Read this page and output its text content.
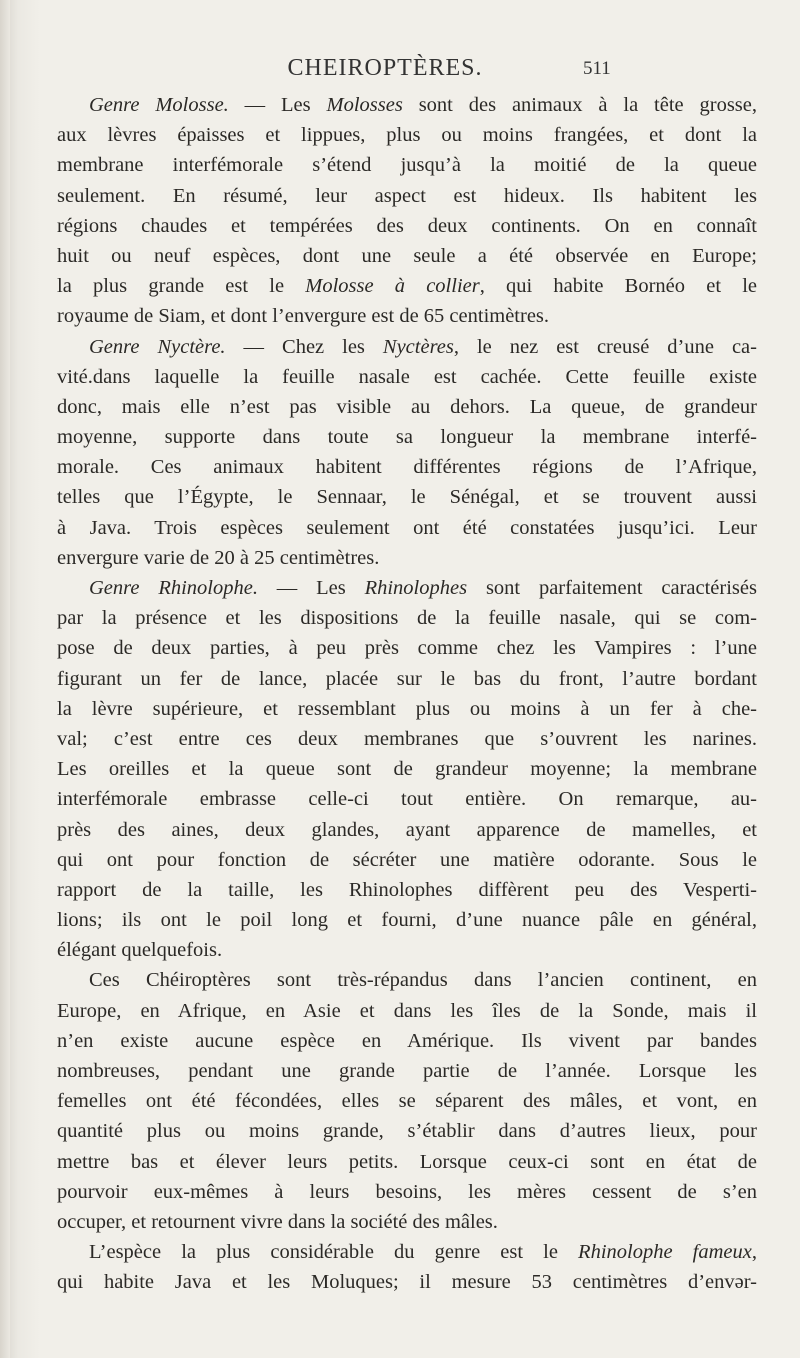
CHEIROPTÈRES.	511
Genre Molosse. — Les Molosses sont des animaux à la tête grosse,
aux lèvres épaisses et lippues, plus ou moins frangées, et dont la
membrane interfémorale s’étend jusqu’à la moitié de la queue
seulement. En résumé, leur aspect est hideux. Ils habitent les
régions chaudes et tempérées des deux continents. On en connaît
huit ou neuf espèces, dont une seule a été observée en Europe;
la plus grande est le Molosse à collier, qui habite Bornéo et le
royaume de Siam, et dont l’envergure est de 65 centimètres.
Genre Nyctère. — Chez les Nyctères, le nez est creusé d’une ca-
vité.dans laquelle la feuille nasale est cachée. Cette feuille existe
donc, mais elle n’est pas visible au dehors. La queue, de grandeur
moyenne, supporte dans toute sa longueur la membrane interfé-
morale. Ces animaux habitent différentes régions de l’Afrique,
telles que l’Égypte, le Sennaar, le Sénégal, et se trouvent aussi
à Java. Trois espèces seulement ont été constatées jusqu’ici. Leur
envergure varie de 20 à 25 centimètres.
Genre Rhinolophe. — Les Rhinolophes sont parfaitement caractérisés
par la présence et les dispositions de la feuille nasale, qui se com-
pose de deux parties, à peu près comme chez les Vampires : l’une
figurant un fer de lance, placée sur le bas du front, l’autre bordant
la lèvre supérieure, et ressemblant plus ou moins à un fer à che-
val; c’est entre ces deux membranes que s’ouvrent les narines.
Les oreilles et la queue sont de grandeur moyenne; la membrane
interfémorale embrasse celle-ci tout entière. On remarque, au-
près des aines, deux glandes, ayant apparence de mamelles, et
qui ont pour fonction de sécréter une matière odorante. Sous le
rapport de la taille, les Rhinolophes diffèrent peu des Vesperti-
lions; ils ont le poil long et fourni, d’une nuance pâle en général,
élégant quelquefois.
Ces Chéiroptères sont très-répandus dans l’ancien continent, en
Europe, en Afrique, en Asie et dans les îles de la Sonde, mais il
n’en existe aucune espèce en Amérique. Ils vivent par bandes
nombreuses, pendant une grande partie de l’année. Lorsque les
femelles ont été fécondées, elles se séparent des mâles, et vont, en
quantité plus ou moins grande, s’établir dans d’autres lieux, pour
mettre bas et élever leurs petits. Lorsque ceux-ci sont en état de
pourvoir eux-mêmes à leurs besoins, les mères cessent de s’en
occuper, et retournent vivre dans la société des mâles.
L’espèce la plus considérable du genre est le Rhinolophe fameux,
qui habite Java et les Moluques; il mesure 53 centimètres d’envər-
